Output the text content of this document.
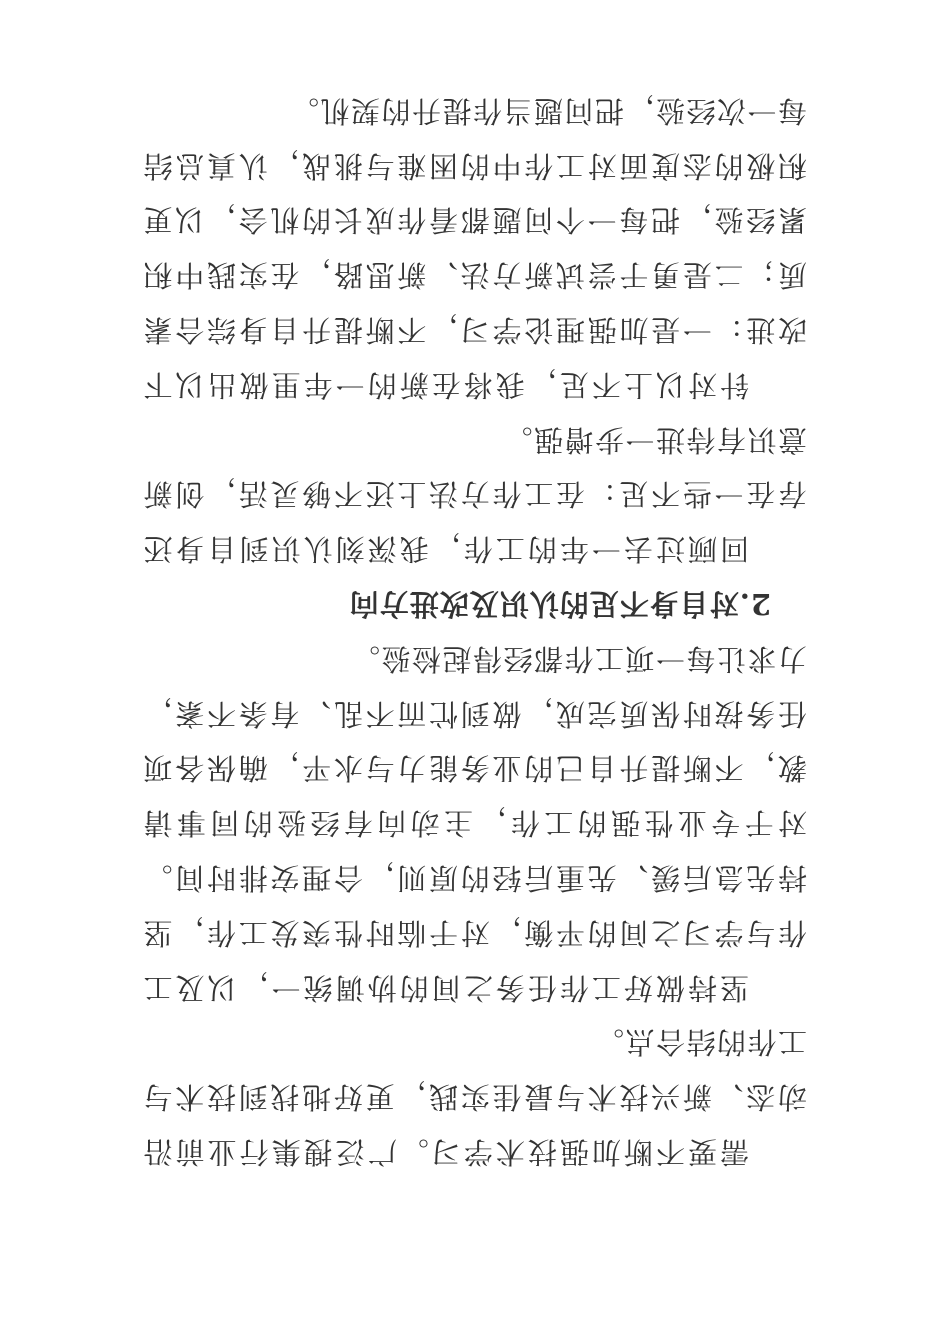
需要不断加强技术学习。广泛搜集行业前沿动态、新兴技术与最佳实践，更好地找到技术与工作的结合点。

坚持做好工作任务之间的协调统一，以及工作与学习之间的平衡，对于临时性突发工作，坚持先急后缓、先重后轻的原则，合理安排时间。对于专业性强的工作，主动向有经验的同事请教，不断提升自己的业务能力与水平，确保各项任务按时保质完成，做到忙而不乱、有条不紊，力求让每一项工作都经得起检验。

2.对自身不足的认识及改进方向

回顾过去一年的工作，我深刻认识到自身还存在一些不足：在工作方法上还不够灵活，创新意识有待进一步增强。

针对以上不足，我将在新的一年里做出以下改进：一是加强理论学习，不断提升自身综合素质；二是勇于尝试新方法、新思路，在实践中积累经验，把每一个问题都看作成长的机会，以更积极的态度面对工作中的困难与挑战，认真总结每一次经验，把问题当作提升的契机。
